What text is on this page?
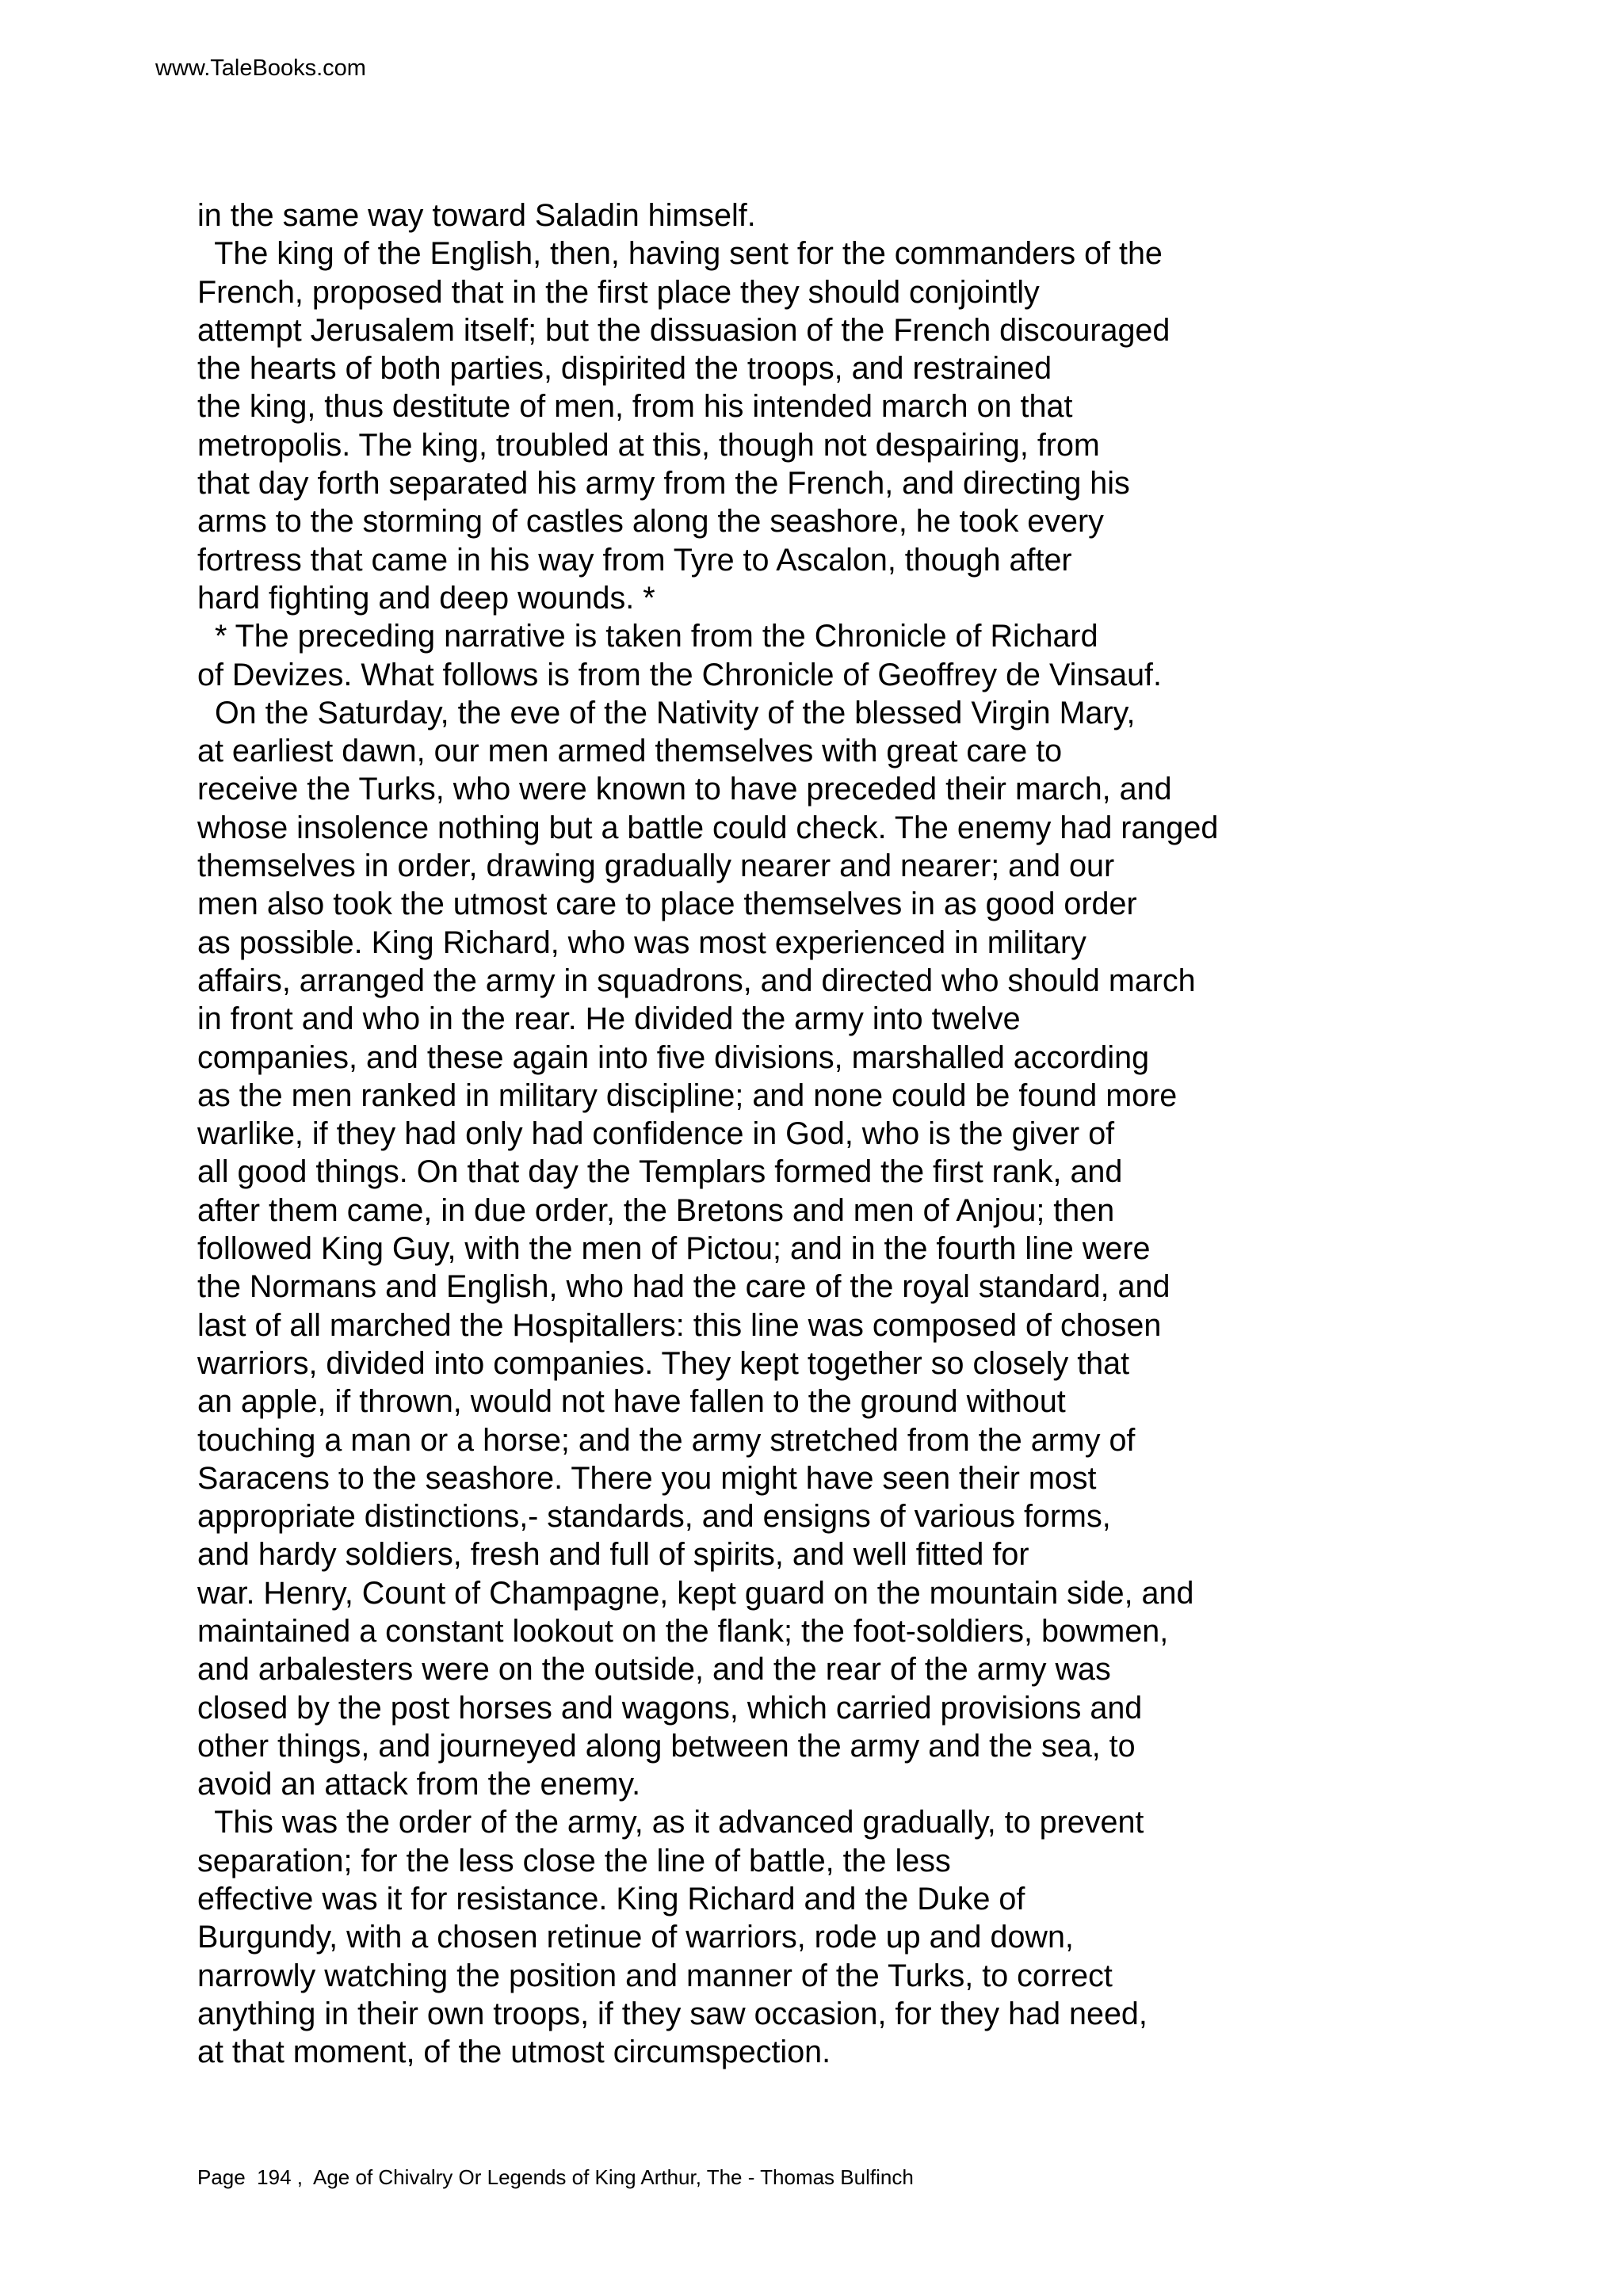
www.TaleBooks.com
in the same way toward Saladin himself.
The king of the English, then, having sent for the commanders of the
French, proposed that in the first place they should conjointly
attempt Jerusalem itself; but the dissuasion of the French discouraged
the hearts of both parties, dispirited the troops, and restrained
the king, thus destitute of men, from his intended march on that
metropolis. The king, troubled at this, though not despairing, from
that day forth separated his army from the French, and directing his
arms to the storming of castles along the seashore, he took every
fortress that came in his way from Tyre to Ascalon, though after
hard fighting and deep wounds. *
* The preceding narrative is taken from the Chronicle of Richard
of Devizes. What follows is from the Chronicle of Geoffrey de Vinsauf.
On the Saturday, the eve of the Nativity of the blessed Virgin Mary,
at earliest dawn, our men armed themselves with great care to
receive the Turks, who were known to have preceded their march, and
whose insolence nothing but a battle could check. The enemy had ranged
themselves in order, drawing gradually nearer and nearer; and our
men also took the utmost care to place themselves in as good order
as possible. King Richard, who was most experienced in military
affairs, arranged the army in squadrons, and directed who should march
in front and who in the rear. He divided the army into twelve
companies, and these again into five divisions, marshalled according
as the men ranked in military discipline; and none could be found more
warlike, if they had only had confidence in God, who is the giver of
all good things. On that day the Templars formed the first rank, and
after them came, in due order, the Bretons and men of Anjou; then
followed King Guy, with the men of Pictou; and in the fourth line were
the Normans and English, who had the care of the royal standard, and
last of all marched the Hospitallers: this line was composed of chosen
warriors, divided into companies. They kept together so closely that
an apple, if thrown, would not have fallen to the ground without
touching a man or a horse; and the army stretched from the army of
Saracens to the seashore. There you might have seen their most
appropriate distinctions,- standards, and ensigns of various forms,
and hardy soldiers, fresh and full of spirits, and well fitted for
war. Henry, Count of Champagne, kept guard on the mountain side, and
maintained a constant lookout on the flank; the foot-soldiers, bowmen,
and arbalesters were on the outside, and the rear of the army was
closed by the post horses and wagons, which carried provisions and
other things, and journeyed along between the army and the sea, to
avoid an attack from the enemy.
This was the order of the army, as it advanced gradually, to prevent
separation; for the less close the line of battle, the less
effective was it for resistance. King Richard and the Duke of
Burgundy, with a chosen retinue of warriors, rode up and down,
narrowly watching the position and manner of the Turks, to correct
anything in their own troops, if they saw occasion, for they had need,
at that moment, of the utmost circumspection.
Page  194 ,  Age of Chivalry Or Legends of King Arthur, The - Thomas Bulfinch
